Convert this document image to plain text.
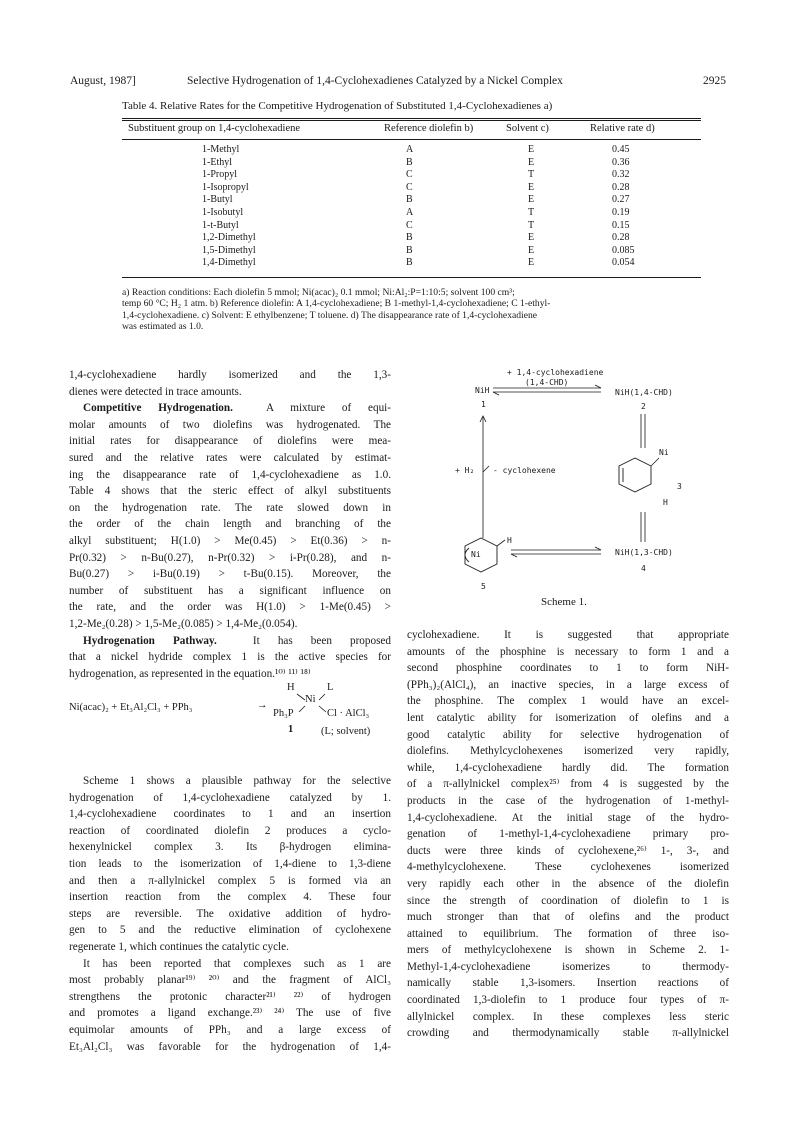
August, 1987]	Selective Hydrogenation of 1,4-Cyclohexadienes Catalyzed by a Nickel Complex	2925
Table 4. Relative Rates for the Competitive Hydrogenation of Substituted 1,4-Cyclohexadienes a)
Substituent group on 1,4-cyclohexadiene	Reference diolefin b)	Solvent c)	Relative rate d)
1-Methyl	A	E	0.45
1-Ethyl	B	E	0.36
1-Propyl	C	T	0.32
1-Isopropyl	C	E	0.28
1-Butyl	B	E	0.27
1-Isobutyl	A	T	0.19
1-t-Butyl	C	T	0.15
1,2-Dimethyl	B	E	0.28
1,5-Dimethyl	B	E	0.085
1,4-Dimethyl	B	E	0.054

a) Reaction conditions: Each diolefin 5 mmol; Ni(acac)₂ 0.1 mmol; Ni:Al₂:P=1:10:5; solvent 100 cm³;

temp 60 °C; H₂ 1 atm. b) Reference diolefin: A 1,4-cyclohexadiene; B 1-methyl-1,4-cyclohexadiene; C 1-ethyl-

1,4-cyclohexadiene. c) Solvent: E ethylbenzene; T toluene. d) The disappearance rate of 1,4-cyclohexadiene

was estimated as 1.0.

1,4-cyclohexadiene hardly isomerized and the 1,3-

dienes were detected in trace amounts.

Competitive Hydrogenation.	A mixture of equi-

molar amounts of two diolefins was hydrogenated. The

initial rates for disappearance of diolefins were mea-

sured and the relative rates were calculated by estimat-

ing the disappearance rate of 1,4-cyclohexadiene as 1.0.

Table 4 shows that the steric effect of alkyl substituents

on the hydrogenation rate. The rate slowed down in

the order of the chain length and branching of the

alkyl substituent; H(1.0) > Me(0.45) > Et(0.36) > n-

Pr(0.32) > n-Bu(0.27), n-Pr(0.32) > i-Pr(0.28), and n-

Bu(0.27) > i-Bu(0.19) > t-Bu(0.15). Moreover, the

number of substituent has a significant influence on

the rate, and the order was H(1.0) > 1-Me(0.45) >

1,2-Me₂(0.28) > 1,5-Me₂(0.085) > 1,4-Me₂(0.054).

Hydrogenation Pathway.	It has been proposed

that a nickel hydride complex 1 is the active species for

hydrogenation, as represented in the equation.¹⁰⁾ ¹¹⁾ ¹⁸⁾

Ni(acac)₂ + Et₃Al₂Cl₃ + PPh₃	→
H	L
Ni
Ph₃P	Cl · AlCl₃
1	(L; solvent)

Scheme 1 shows a plausible pathway for the selective

hydrogenation of 1,4-cyclohexadiene catalyzed by 1.

1,4-cyclohexadiene coordinates to 1 and an insertion

reaction of coordinated diolefin 2 produces a cyclo-

hexenylnickel complex 3. Its β-hydrogen elimina-

tion leads to the isomerization of 1,4-diene to 1,3-diene

and then a π-allylnickel complex 5 is formed via an

insertion reaction from the complex 4. These four

steps are reversible. The oxidative addition of hydro-

gen to 5 and the reductive elimination of cyclohexene

regenerate 1, which continues the catalytic cycle.

It has been reported that complexes such as 1 are

most probably planar¹⁹⁾ ²⁰⁾ and the fragment of AlCl₃

strengthens the protonic character²¹⁾ ²²⁾ of hydrogen

and promotes a ligand exchange.²³⁾ ²⁴⁾ The use of five

equimolar amounts of PPh₃ and a large excess of

Et₃Al₂Cl₃ was favorable for the hydrogenation of 1,4-

+ 1,4-cyclohexadiene
(1,4-CHD)
NiH	NiH(1,4-CHD)
1	2
+ H₂ - cyclohexene
Ni
3
H
H
Ni	NiH(1,3-CHD)
4
5
Scheme 1.

cyclohexadiene. It is suggested that appropriate

amounts of the phosphine is necessary to form 1 and a

second phosphine coordinates to 1 to form NiH-

(PPh₃)₂(AlCl₄), an inactive species, in a large excess of

the phosphine. The complex 1 would have an excel-

lent catalytic ability for isomerization of olefins and a

good catalytic ability for selective hydrogenation of

diolefins. Methylcyclohexenes isomerized very rapidly,

while, 1,4-cyclohexadiene hardly did. The formation

of a π-allylnickel complex²⁵⁾ from 4 is suggested by the

products in the case of the hydrogenation of 1-methyl-

1,4-cyclohexadiene. At the initial stage of the hydro-

genation of 1-methyl-1,4-cyclohexadiene primary pro-

ducts were three kinds of cyclohexene,²⁶⁾ 1-, 3-, and

4-methylcyclohexene. These cyclohexenes isomerized

very rapidly each other in the absence of the diolefin

since the strength of coordination of diolefin to 1 is

much stronger than that of olefins and the product

attained to equilibrium. The formation of three iso-

mers of methylcyclohexene is shown in Scheme 2. 1-

Methyl-1,4-cyclohexadiene isomerizes to thermody-

namically stable 1,3-isomers. Insertion reactions of

coordinated 1,3-diolefin to 1 produce four types of π-

allylnickel complex. In these complexes less steric

crowding and thermodynamically stable π-allylnickel
